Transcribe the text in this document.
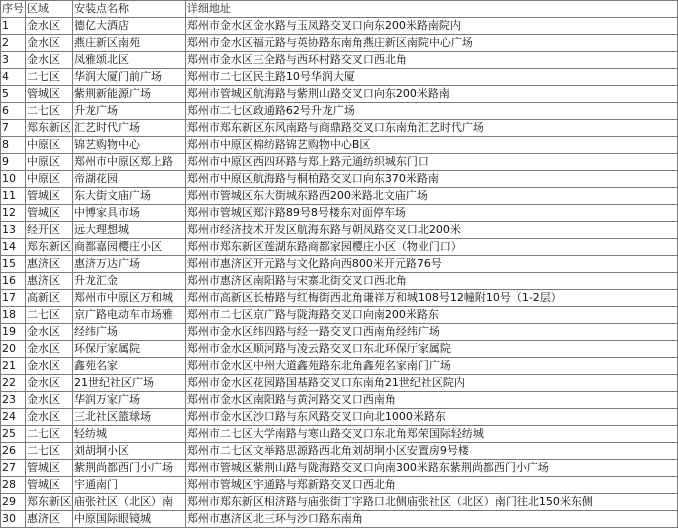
序号	区域	安装点名称	详细地址
1	金水区	德亿大酒店	郑州市金水区金水路与玉凤路交叉口向东200米路南院内
2	金水区	燕庄新区南苑	郑州市金水区福元路与英协路东南角燕庄新区南院中心广场
3	金水区	凤雅颂北区	郑州市金水区三全路与西环村路交叉口西北角
4	二七区	华润大厦门前广场	郑州市二七区民主路10号华润大厦
5	管城区	紫荆新能源广场	郑州市管城区航海路与紫荆山路交叉口向东200米路南
6	二七区	升龙广场	郑州市二七区政通路62号升龙广场
7	郑东新区	汇艺时代广场	郑州市郑东新区东风南路与商鼎路交叉口东南角汇艺时代广场
8	中原区	锦艺购物中心	郑州市中原区棉纺路锦艺购物中心B区
9	中原区	郑州市中原区郑上路	郑州市中原区西四环路与郑上路元通纺织城东门口
10	中原区	帝湖花园	郑州市中原区航海路与桐柏路交叉口向东370米路南
11	管城区	东大街文庙广场	郑州市管城区东大街城东路西200米路北文庙广场
12	管城区	中博家具市场	郑州市管城区郑汴路89号8号楼东对面停车场
13	经开区	远大理想城	郑州市经济技术开发区航海东路与朝凤路交叉口北200米
14	郑东新区	商都嘉园樱庄小区	郑州市郑东新区莲湖东路商都家园樱庄小区（物业门口）
15	惠济区	惠济万达广场	郑州市惠济区开元路与文化路向西800米开元路76号
16	惠济区	升龙汇金	郑州市惠济区南阳路与宋寨北街交叉口西北角
17	高新区	郑州市中原区万和城	郑州市高新区长椿路与红梅街西北角谦祥万和城108号12幢附10号（1-2层）
18	二七区	京广路电动车市场雅	郑州市二七区京广路与陇海路交叉口向南200米路东
19	金水区	经纬广场	郑州市金水区纬四路与经一路交叉口西南角经纬广场
20	金水区	环保厅家属院	郑州市金水区顺河路与凌云路交叉口东北环保厅家属院
21	金水区	鑫苑名家	郑州市金水区中州大道鑫苑路东北角鑫苑名家南门广场
22	金水区	21世纪社区广场	郑州市金水区花园路国基路交叉口东南角21世纪社区院内
23	金水区	华润万家广场	郑州市金水区南阳路与黄河路交叉口西南角
24	金水区	三北社区篮球场	郑州市金水区沙口路与东风路交叉口向北1000米路东
25	二七区	轻纺城	郑州市二七区大学南路与寒山路交叉口东北角郑荣国际轻纺城
26	二七区	刘胡垌小区	郑州市二七区文举路思源路西北角刘胡垌小区安置房9号楼
27	管城区	紫荆尚都西门小广场	郑州市管城区紫荆山路与陇海路交叉口向南300米路东紫荆尚都西门小广场
28	管城区	宇通南门	郑州市管城区宇通路与郑新路交叉口西北角
29	郑东新区	庙张社区（北区）南	郑州市郑东新区相济路与庙张街丁字路口北侧庙张社区（北区）南门往北150米东侧
30	惠济区	中原国际眼镜城	郑州市惠济区北三环与沙口路东南角
